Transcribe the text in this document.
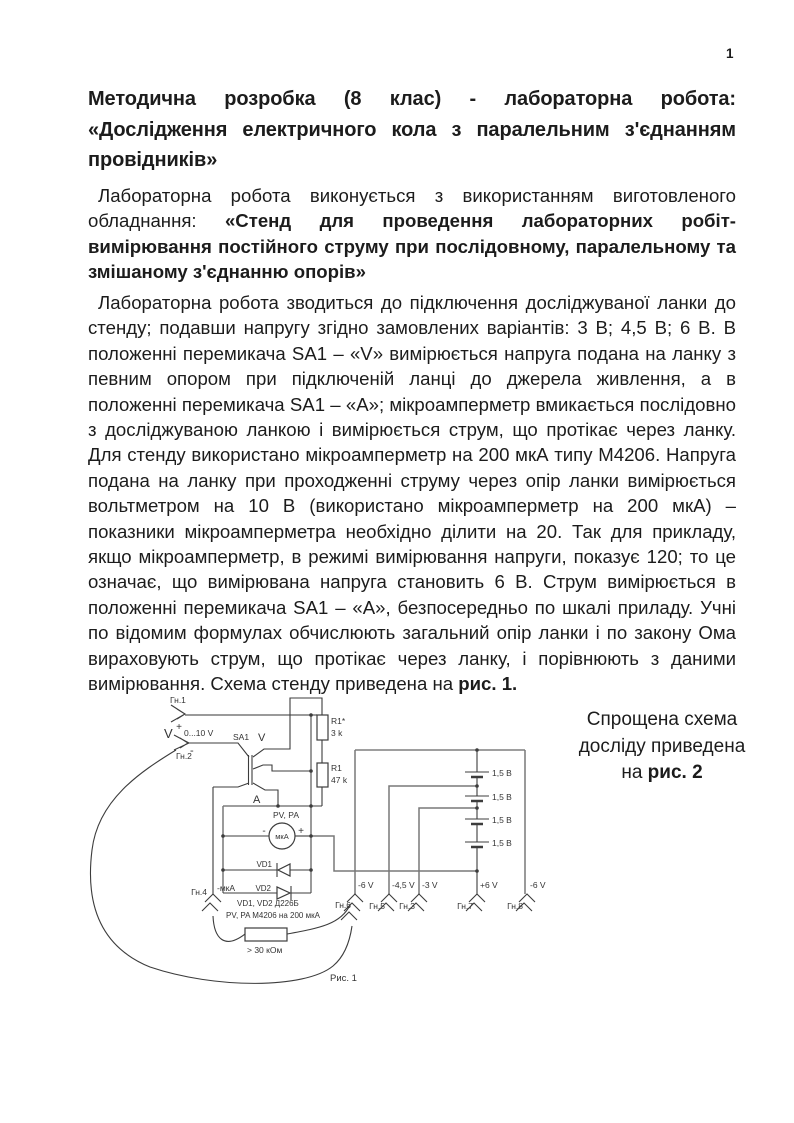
1
Методична розробка (8 клас) - лабораторна робота:
«Дослідження електричного кола з паралельним з'єднанням
провідників»
Лабораторна робота виконується з використанням виготовленого
обладнання: «Стенд для проведення лабораторних робіт-
вимірювання постійного струму при послідовному, паралельному та
змішаному з'єднанню опорів»
Лабораторна робота зводиться до підключення досліджуваної ланки до
стенду; подавши напругу згідно замовлених варіантів: 3 В; 4,5 В; 6 В. В
положенні перемикача SA1 – «V» вимірюється напруга подана на ланку з
певним опором при підключеній ланці до джерела живлення, а в
положенні перемикача SA1 – «А»; мікроамперметр вмикається послідовно
з досліджуваною ланкою і вимірюється струм, що протікає через ланку.
Для стенду використано мікроамперметр на 200 мкА типу М4206. Напруга
подана на ланку при проходженні струму через опір ланки вимірюється
вольтметром на 10 В (використано мікроамперметр на 200 мкА) –
показники мікроамперметра необхідно ділити на 20. Так для прикладу,
якщо мікроамперметр, в режимі вимірювання напруги, показує 120; то це
означає, що вимірювана напруга становить 6 В. Струм вимірюється в
положенні перемикача SA1 – «А», безпосередньо по шкалі приладу. Учні
по відомим формулах обчислюють загальний опір ланки і по закону Ома
вираховують струм, що протікає через ланку, і порівнюють з даними
вимірювання. Схема стенду приведена на рис. 1.
Спрощена схема
досліду приведена
на рис. 2
Гн.1
+
V 0...10 V
-
Гн.2
SA1 V
А
R1*
3 k
R1
47 k
PV, PA
мкА
-	+
VD1
VD2
VD1, VD2 Д226Б
PV, PA М4206 на 200 мкА
Гн.4 -мкА
> 30 кОм
1,5 В
1,5 В
1,5 В
1,5 В
-6 V
Гн.6
-4,5 V
Гн.5
-3 V
Гн.3
+6 V
Гн.7
-6 V
Гн.8
Рис. 1
